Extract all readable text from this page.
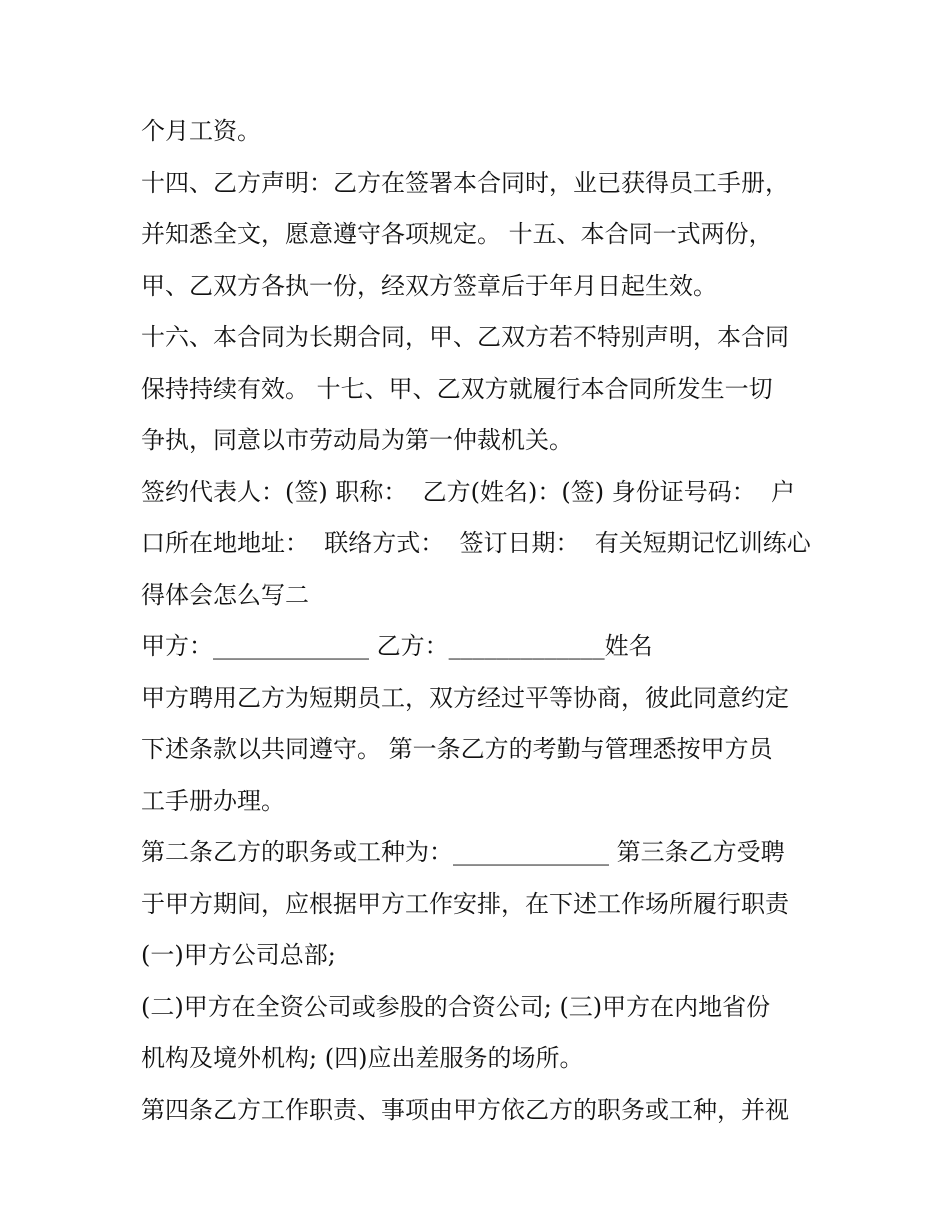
个月工资。
十四、乙方声明：乙方在签署本合同时，业已获得员工手册，
并知悉全文，愿意遵守各项规定。 十五、本合同一式两份，
甲、乙双方各执一份，经双方签章后于年月日起生效。
十六、本合同为长期合同，甲、乙双方若不特别声明，本合同
保持持续有效。 十七、甲、乙双方就履行本合同所发生一切
争执，同意以市劳动局为第一仲裁机关。
签约代表人：(签) 职称：  乙方(姓名)：(签) 身份证号码：  户
口所在地地址：  联络方式：  签订日期：  有关短期记忆训练心
得体会怎么写二
甲方：_____________ 乙方：_____________姓名
甲方聘用乙方为短期员工，双方经过平等协商，彼此同意约定
下述条款以共同遵守。 第一条乙方的考勤与管理悉按甲方员
工手册办理。
第二条乙方的职务或工种为：_____________ 第三条乙方受聘
于甲方期间，应根据甲方工作安排，在下述工作场所履行职责
(一)甲方公司总部;
(二)甲方在全资公司或参股的合资公司; (三)甲方在内地省份
机构及境外机构; (四)应出差服务的场所。
第四条乙方工作职责、事项由甲方依乙方的职务或工种，并视
